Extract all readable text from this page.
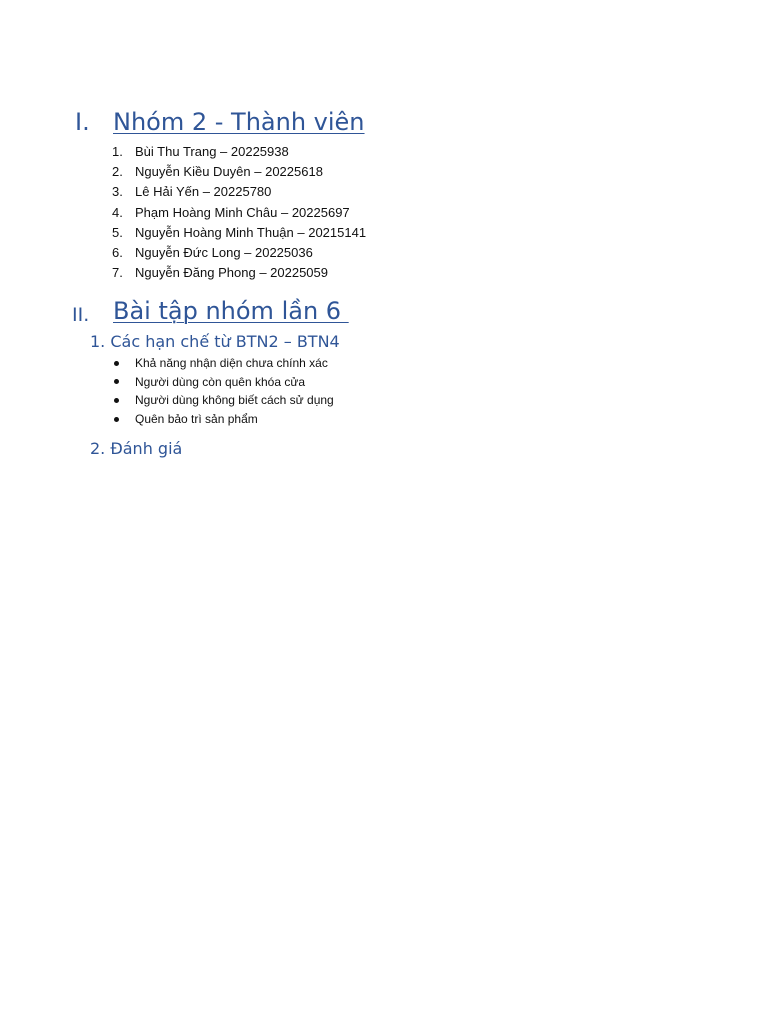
I. Nhóm 2 - Thành viên
1. Bùi Thu Trang – 20225938
2. Nguyễn Kiều Duyên – 20225618
3. Lê Hải Yến – 20225780
4. Phạm Hoàng Minh Châu – 20225697
5. Nguyễn Hoàng Minh Thuận – 20215141
6. Nguyễn Đức Long – 20225036
7. Nguyễn Đăng Phong – 20225059
II. Bài tập nhóm lần 6
1. Các hạn chế từ BTN2 – BTN4
Khả năng nhận diện chưa chính xác
Người dùng còn quên khóa cửa
Người dùng không biết cách sử dụng
Quên bảo trì sản phẩm
2. Đánh giá
